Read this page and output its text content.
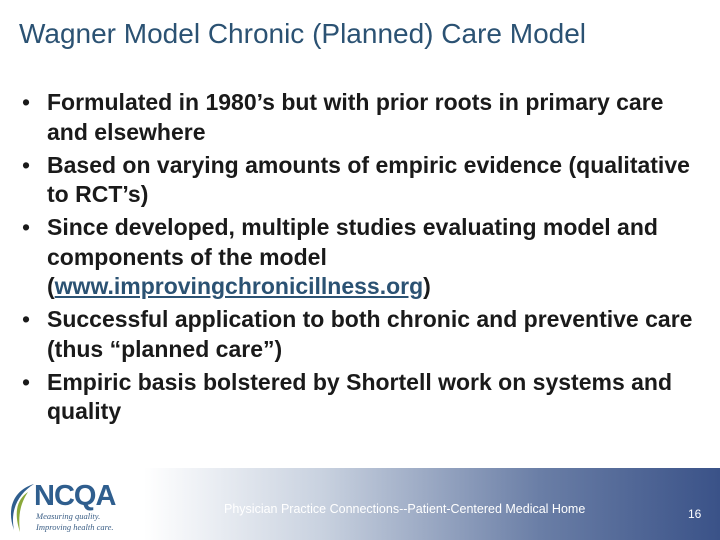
Wagner Model Chronic (Planned) Care Model
• Formulated in 1980’s but with prior roots in primary care and elsewhere
• Based on varying amounts of empiric evidence (qualitative to RCT’s)
• Since developed, multiple studies evaluating model and components of the model (www.improvingchronicillness.org)
• Successful application to both chronic and preventive care (thus “planned care”)
• Empiric basis bolstered by Shortell work on systems and quality
NCQA
Measuring quality.
Improving health care.
Physician Practice Connections--Patient-Centered Medical Home	16
